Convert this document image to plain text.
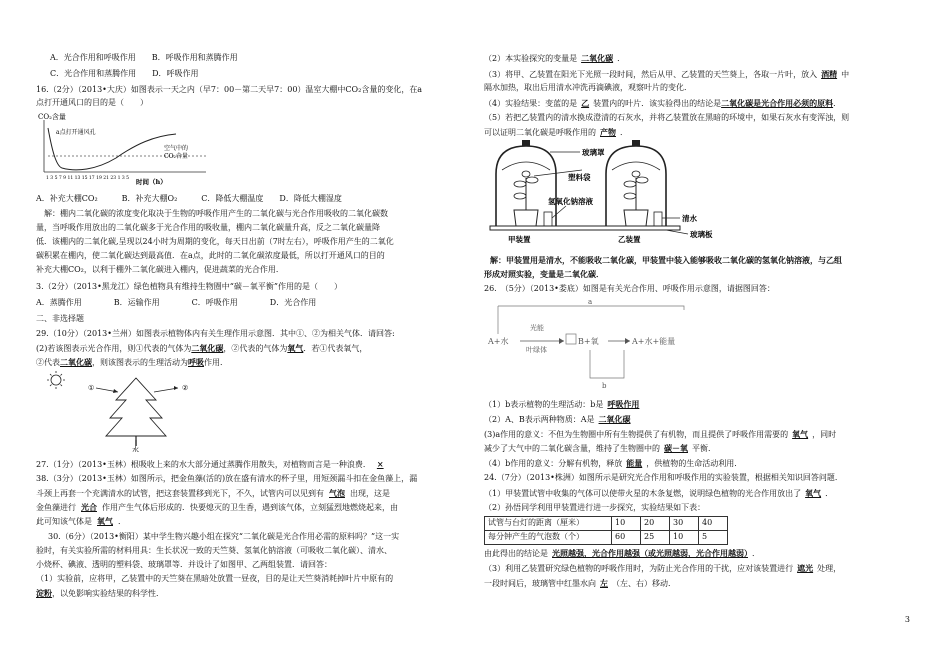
A．光合作用和呼吸作用　　B．呼吸作用和蒸腾作用
C．光合作用和蒸腾作用　　D．呼吸作用
16.（2分）（2013•大庆）如图表示一天之内（早7：00－第二天早7：00）温室大棚中CO₂含量的变化，在a
点打开通风口的目的是（　　）
CO₂含量
a点打开通风孔
空气中的
CO₂含量
1 3 5 7 9 11 13 15 17 19 21 23 1 3 5 时间（h）
A．补充大棚CO₂　　　B．补充大棚O₂　　　C．降低大棚温度　　D．降低大棚湿度
　解：棚内二氧化碳的浓度变化取决于生物的呼吸作用产生的二氧化碳与光合作用吸收的二氧化碳数
量，当呼吸作用放出的二氧化碳多于光合作用的吸收量，棚内二氧化碳量升高，反之二氧化碳量降
低．该棚内的二氧化碳,呈现以24小时为周期的变化，每天日出前（7时左右），呼吸作用产生的二氧化
碳积累在棚内，使二氧化碳达到最高值．在a点，此时的二氧化碳浓度最低，所以打开通风口的目的
补充大棚CO₂，以利于棚外二氧化碳进入棚内，促进蔬菜的光合作用．
3.（2分）（2013•黑龙江）绿色植物具有维持生物圈中“碳－氧平衡”作用的是（　　）
A．蒸腾作用　　　　B．运输作用　　　　C．呼吸作用　　　　D．光合作用
二、非选择题
29.（10分）（2013•兰州）如图表示植物体内有关生理作用示意图．其中①、②为相关气体．请回答:
(2)若该图表示光合作用，则①代表的气体为二氧化碳，②代表的气体为氧气．若①代表氧气，
②代表二氧化碳，则该图表示的生理活动为呼吸作用．
①	②
水
27.（1分）（2013•玉林）根吸收上来的水大部分通过蒸腾作用散失，对植物而言是一种浪费． ×
38.（3分）（2013•玉林）如图所示，把金鱼藻(活的)放在盛有清水的杯子里，用短颈漏斗扣在金鱼藻上，漏
斗颈上再套一个充满清水的试管，把这套装置移到光下，不久，试管内可以见到有 气泡 出现，这是
金鱼藻进行 光合 作用产生气体后形成的．快要熄灭的卫生香，遇到该气体，立刻猛烈地燃烧起来，由
此可知该气体是 氧气 ．
30.（6分）（2013•衡阳）某中学生物兴趣小组在探究“二氧化碳是光合作用必需的原料吗？”这一实
验时，有关实验所需的材料用具：生长状况一致的天竺葵、氢氧化钠溶液（可吸收二氧化碳）、清水、
小烧杯、碘液、透明的塑料袋、玻璃罩等．并设计了如图甲、乙两组装置．请回答：
（1）实验前，应将甲，乙装置中的天竺葵在黑暗处放置一昼夜，目的是让天竺葵消耗掉叶片中原有的
淀粉，以免影响实验结果的科学性．
（2）本实验探究的变量是 二氧化碳 ．
（3）将甲、乙装置在阳光下光照一段时间，然后从甲、乙装置的天竺葵上，各取一片叶，放入 酒精 中
隔水加热，取出后用清水冲洗再滴碘液，观察叶片的变化．
（4）实验结果：变蓝的是 乙 装置内的叶片．该实验得出的结论是二氧化碳是光合作用必须的原料．
（5）若把乙装置内的清水换成澄清的石灰水，并将乙装置放在黑暗的环境中，如果石灰水有变浑浊，则
可以证明二氧化碳是呼吸作用的 产物 ．
玻璃罩
塑料袋
氢氧化钠溶液
清水
玻璃板
甲装置	乙装置
解：甲装置用是清水，不能吸收二氧化碳，甲装置中装入能够吸收二氧化碳的氢氧化钠溶液，与乙组
形成对照实验，变量是二氧化碳．
26.　（5分）（2013•娄底）如图是有关光合作用、呼吸作用示意图，请据图回答：
a
A+水
光能
叶绿体
B+氧	A+水+能量
b
（1）b表示植物的生理活动：b是 呼吸作用
（2）A、B表示两种物质：A是 二氧化碳
(3)a作用的意义：不但为生物圈中所有生物提供了有机物，而且提供了呼吸作用需要的 氧气 ，同时
减少了大气中的二氧化碳含量，维持了生物圈中的 碳－氧 平衡．
（4）b作用的意义：分解有机物，释放 能量 ，供植物的生命活动利用．
24.（7分）（2013•株洲）如图所示是研究光合作用和呼吸作用的实验装置，根据相关知识回答问题．
（1）甲装置试管中收集的气体可以使带火星的木条复燃，说明绿色植物的光合作用放出了 氧气 ．
（2）孙悟同学利用甲装置进行进一步探究，实验结果如下表：
试管与台灯的距离（厘米）	10	20	30	40
每分钟产生的气泡数（个）	60	25	10	5
由此得出的结论是 光照越强，光合作用越强（或光照越弱，光合作用越弱） ．
（3）利用乙装置研究绿色植物的呼吸作用时，为防止光合作用的干扰，应对该装置进行 遮光 处理，
一段时间后，玻璃管中红墨水向 左 （左、右）移动．
3
